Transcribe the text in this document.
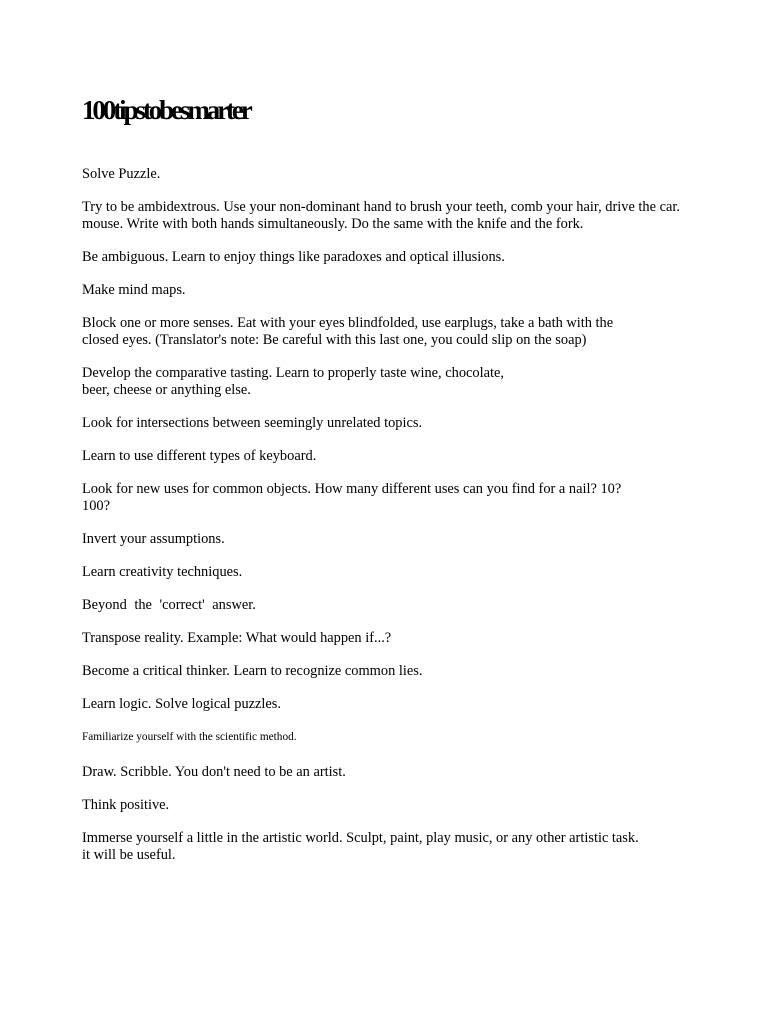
100tipstobesmarter

Solve Puzzle.

Try to be ambidextrous. Use your non-dominant hand to brush your teeth, comb your hair, drive the car.
mouse. Write with both hands simultaneously. Do the same with the knife and the fork.

Be ambiguous. Learn to enjoy things like paradoxes and optical illusions.

Make mind maps.

Block one or more senses. Eat with your eyes blindfolded, use earplugs, take a bath with the
closed eyes. (Translator's note: Be careful with this last one, you could slip on the soap)

Develop the comparative tasting. Learn to properly taste wine, chocolate,
beer, cheese or anything else.

Look for intersections between seemingly unrelated topics.

Learn to use different types of keyboard.

Look for new uses for common objects. How many different uses can you find for a nail? 10?
100?

Invert your assumptions.

Learn creativity techniques.

Beyond the 'correct' answer.

Transpose reality. Example: What would happen if...?

Become a critical thinker. Learn to recognize common lies.

Learn logic. Solve logical puzzles.

Familiarize yourself with the scientific method.

Draw. Scribble. You don't need to be an artist.

Think positive.

Immerse yourself a little in the artistic world. Sculpt, paint, play music, or any other artistic task.
it will be useful.
